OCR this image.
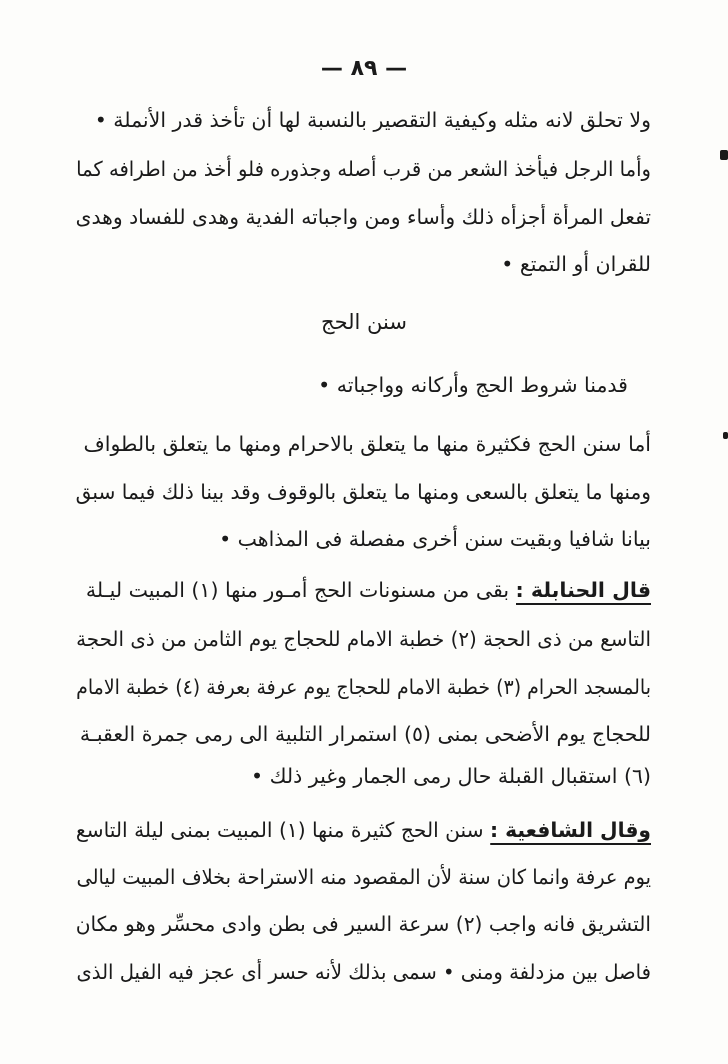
— ٨٩ —
ولا تحلق لانه مثله وكيفية التقصير بالنسبة لها أن تأخذ قدر الأنملة •
وأما الرجل فيأخذ الشعر من قرب أصله وجذوره فلو أخذ من اطرافه كما
تفعل المرأة أجزأه ذلك وأساء ومن واجباته الفدية وهدى للفساد وهدى
للقران أو التمتع •
سنن الحج
قدمنا شروط الحج وأركانه وواجباته •
أما سنن الحج فكثيرة منها ما يتعلق بالاحرام ومنها ما يتعلق بالطواف
ومنها ما يتعلق بالسعى ومنها ما يتعلق بالوقوف وقد بينا ذلك فيما سبق
بيانا شافيا وبقيت سنن أخرى مفصلة فى المذاهب •
قال الحنابلة : بقى من مسنونات الحج أمـور منها (١) المبيت ليـلة
التاسع من ذى الحجة (٢) خطبة الامام للحجاج يوم الثامن من ذى الحجة
بالمسجد الحرام (٣) خطبة الامام للحجاج يوم عرفة بعرفة (٤) خطبة الامام
للحجاج يوم الأضحى بمنى (٥) استمرار التلبية الى رمى جمرة العقبـة
(٦) استقبال القبلة حال رمى الجمار وغير ذلك •
وقال الشافعية : سنن الحج كثيرة منها (١) المبيت بمنى ليلة التاسع
يوم عرفة وانما كان سنة لأن المقصود منه الاستراحة بخلاف المبيت ليالى
التشريق فانه واجب (٢) سرعة السير فى بطن وادى محسِّر وهو مكان
فاصل بين مزدلفة ومنى • سمى بذلك لأنه حسر أى عجز فيه الفيل الذى
